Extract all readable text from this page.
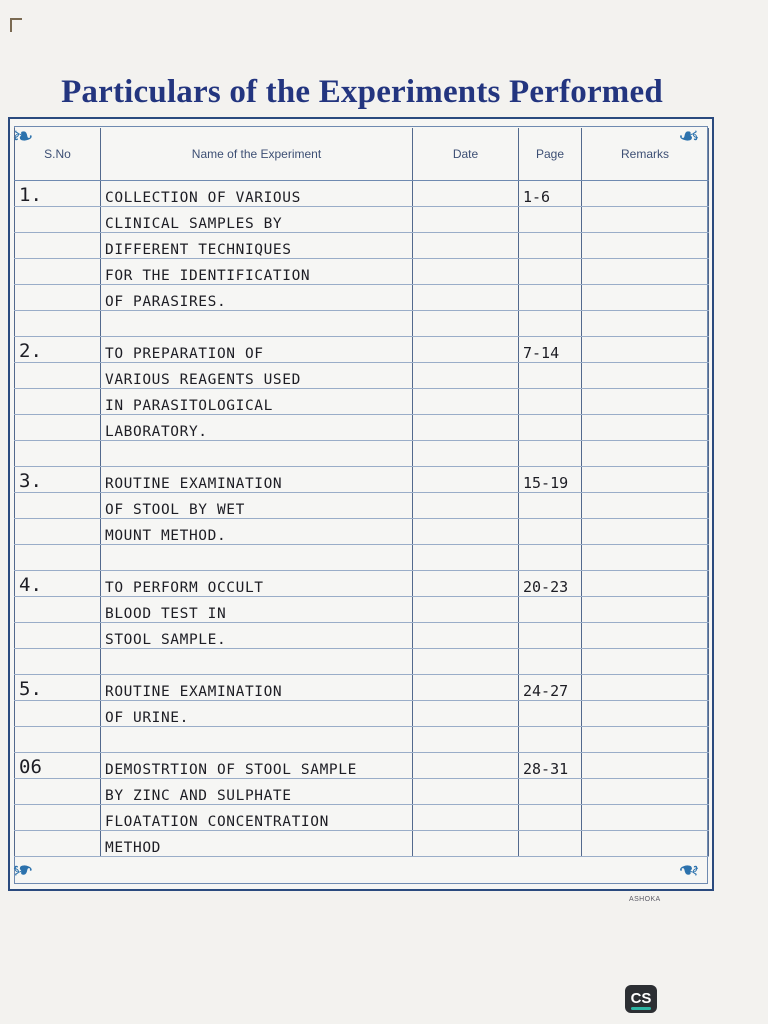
Particulars of the Experiments Performed
❧	❧
❧	❧
S.No	Name of the Experiment	Date	Page	Remarks
1.	COLLECTION OF VARIOUS		1-6	
	CLINICAL SAMPLES BY			
	DIFFERENT TECHNIQUES			
	FOR THE IDENTIFICATION			
	OF PARASIRES.			

2.	TO PREPARATION OF		7-14	
	VARIOUS REAGENTS USED			
	IN PARASITOLOGICAL			
	LABORATORY.			

3.	ROUTINE EXAMINATION		15-19	
	OF STOOL BY WET			
	MOUNT METHOD.			

4.	TO PERFORM OCCULT		20-23	
	BLOOD TEST IN			
	STOOL SAMPLE.			

5.	ROUTINE EXAMINATION		24-27	
	OF URINE.			

06	DEMOSTRTION OF STOOL SAMPLE		28-31	
	BY ZINC AND SULPHATE			
	FLOATATION CONCENTRATION			
	METHOD			
ASHOKA
CS
